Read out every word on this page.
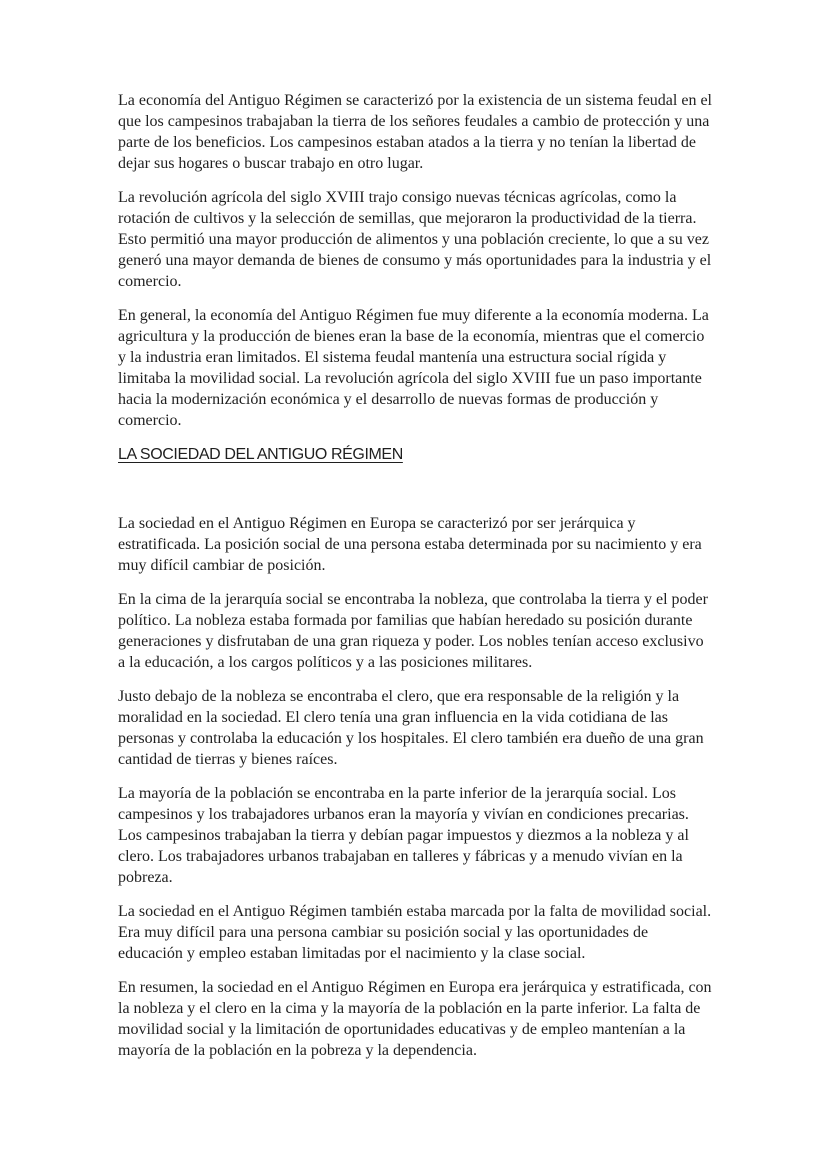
La economía del Antiguo Régimen se caracterizó por la existencia de un sistema feudal en el que los campesinos trabajaban la tierra de los señores feudales a cambio de protección y una parte de los beneficios. Los campesinos estaban atados a la tierra y no tenían la libertad de dejar sus hogares o buscar trabajo en otro lugar.

La revolución agrícola del siglo XVIII trajo consigo nuevas técnicas agrícolas, como la rotación de cultivos y la selección de semillas, que mejoraron la productividad de la tierra. Esto permitió una mayor producción de alimentos y una población creciente, lo que a su vez generó una mayor demanda de bienes de consumo y más oportunidades para la industria y el comercio.

En general, la economía del Antiguo Régimen fue muy diferente a la economía moderna. La agricultura y la producción de bienes eran la base de la economía, mientras que el comercio y la industria eran limitados. El sistema feudal mantenía una estructura social rígida y limitaba la movilidad social. La revolución agrícola del siglo XVIII fue un paso importante hacia la modernización económica y el desarrollo de nuevas formas de producción y comercio.

LA SOCIEDAD DEL ANTIGUO RÉGIMEN

La sociedad en el Antiguo Régimen en Europa se caracterizó por ser jerárquica y estratificada. La posición social de una persona estaba determinada por su nacimiento y era muy difícil cambiar de posición.

En la cima de la jerarquía social se encontraba la nobleza, que controlaba la tierra y el poder político. La nobleza estaba formada por familias que habían heredado su posición durante generaciones y disfrutaban de una gran riqueza y poder. Los nobles tenían acceso exclusivo a la educación, a los cargos políticos y a las posiciones militares.

Justo debajo de la nobleza se encontraba el clero, que era responsable de la religión y la moralidad en la sociedad. El clero tenía una gran influencia en la vida cotidiana de las personas y controlaba la educación y los hospitales. El clero también era dueño de una gran cantidad de tierras y bienes raíces.

La mayoría de la población se encontraba en la parte inferior de la jerarquía social. Los campesinos y los trabajadores urbanos eran la mayoría y vivían en condiciones precarias. Los campesinos trabajaban la tierra y debían pagar impuestos y diezmos a la nobleza y al clero. Los trabajadores urbanos trabajaban en talleres y fábricas y a menudo vivían en la pobreza.

La sociedad en el Antiguo Régimen también estaba marcada por la falta de movilidad social. Era muy difícil para una persona cambiar su posición social y las oportunidades de educación y empleo estaban limitadas por el nacimiento y la clase social.

En resumen, la sociedad en el Antiguo Régimen en Europa era jerárquica y estratificada, con la nobleza y el clero en la cima y la mayoría de la población en la parte inferior. La falta de movilidad social y la limitación de oportunidades educativas y de empleo mantenían a la mayoría de la población en la pobreza y la dependencia.
